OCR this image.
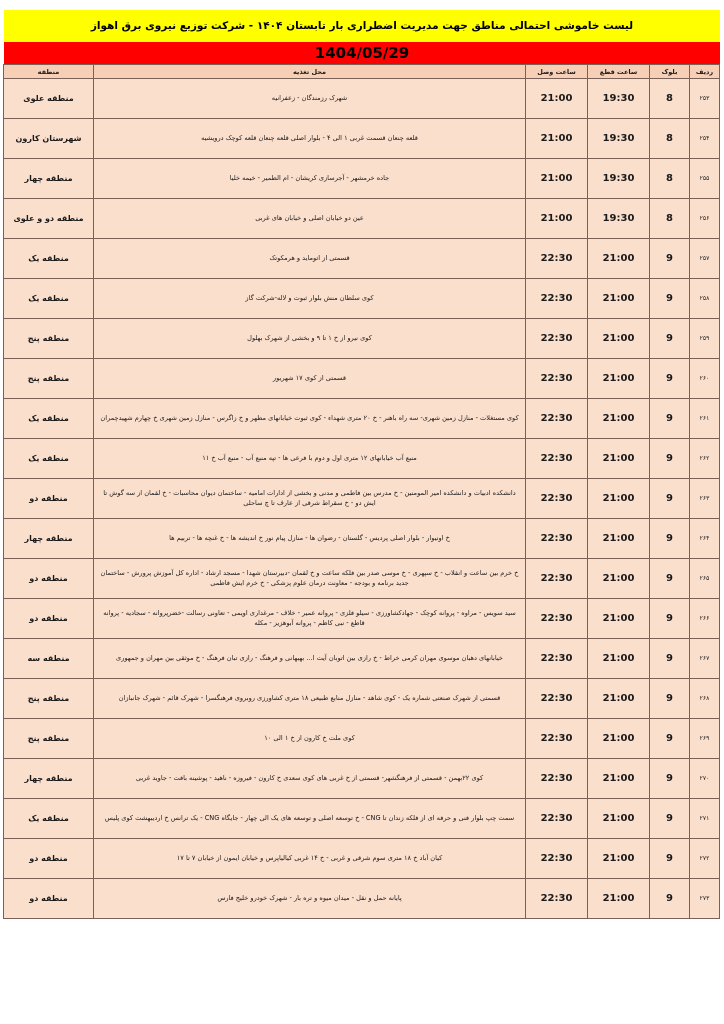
لیست خاموشی احتمالی مناطق جهت مدیریت اضطراری بار تابستان ۱۴۰۴ - شرکت توزیع نیروی برق اهواز
1404/05/29
ردیف	بلوک	ساعت قطع	ساعت وصل	محل تغذیه	منطقه
۲۵۳	8	19:30	21:00	شهرک رزمندگان - زعفرانیه	منطقه علوی
۲۵۴	8	19:30	21:00	قلعه چنعان قسمت غربی ۱ الی ۴ - بلوار اصلی قلعه چنعان قلعه کوچک درویشیه	شهرستان کارون
۲۵۵	8	19:30	21:00	جاده خرمشهر - آجرسازی کریشان - ام الطمیر - خیمه خلیا	منطقه چهار
۲۵۶	8	19:30	21:00	عین دو خیابان اصلی و خیابان های غربی	منطقه دو و علوی
۲۵۷	9	21:00	22:30	قسمتی از اتوماید و هرمکوتک	منطقه یک
۲۵۸	9	21:00	22:30	کوی سلطان منش بلوار ثبوت و لاله-شرکت گاز	منطقه یک
۲۵۹	9	21:00	22:30	کوی نیرو از خ ۱ تا ۹ و بخشی از شهرک بهلول	منطقه پنج
۲۶۰	9	21:00	22:30	قسمتی از کوی ۱۷ شهریور	منطقه پنج
۲۶۱	9	21:00	22:30	کوی مستغلات - منازل زمین شهری- سه راه باهنر - خ ۲۰ متری شهداء - کوی ثبوت خیابانهای مطهر و خ زاگرس - منازل زمین شهری خ چهارم شهیدچمران	منطقه یک
۲۶۲	9	21:00	22:30	منبع آب خیابانهای ۱۲ متری اول و دوم با فرعی ها - تپه منبع آب - منبع آب خ ۱۱	منطقه یک
۲۶۳	9	21:00	22:30	دانشکده ادبیات و دانشکده امیر المومنین - خ مدرس بین فاطمی و مدنی و بخشی از ادارات امامیه - ساختمان دیوان محاسبات - خ لقمان از سه گوش تا ایش دو - خ سقراط شرقی از عارف تا چ ساحلی	منطقه دو
۲۶۴	9	21:00	22:30	خ اونیوار - بلوار اصلی پردیس - گلستان - رضوان ها - منازل پیام نور خ اندیشه ها - خ غنچه ها - تربیم ها	منطقه چهار
۲۶۵	9	21:00	22:30	خ خرم بین ساعت و انقلاب - خ سپهری - خ موسی صدر بین فلکه ساعت و خ لقمان -دبیرستان شهدا - مسجد ارشاد - اداره کل آموزش پرورش - ساختمان جدید برنامه و بودجه - معاونت درمان علوم پزشکی - خ خرم ایش فاطمی	منطقه دو
۲۶۶	9	21:00	22:30	سید سویس - مراوه - پروانه کوچک - جهادکشاورزی - سیلو فلزی - پروانه عمیر - خلاف - مرغداری اویمی - تعاونی رسالت -خضرپروانه - سجادیه - پروانه قاطع - نبی کاظم - پروانه آبوهزیز - مکله	منطقه دو
۲۶۷	9	21:00	22:30	خیابانهای دهبان موسوی مهران کرمی خراط - خ رازی بین اتوبان آیت ا... بهبهانی و فرهنگ - رازی تبان فرهنگ - خ موثقی بین مهران و جمهوری	منطقه سه
۲۶۸	9	21:00	22:30	قسمتی از شهرک صنعتی شماره یک - کوی شاهد - منازل منابع طبیعی ۱۸ متری کشاورزی روبروی فرهنگسرا - شهرک قائم - شهرک جانبازان	منطقه پنج
۲۶۹	9	21:00	22:30	کوی ملت خ کارون از خ ۱ الی ۱۰	منطقه پنج
۲۷۰	9	21:00	22:30	کوی ۲۲بهمن - قسمتی از فرهنگشهر- قسمتی از خ غربی های کوی سعدی خ کارون - فیروزه - ناهید - پوشینه بافت - جاوید غربی	منطقه چهار
۲۷۱	9	21:00	22:30	سمت چپ بلوار فنی و حرفه ای از فلکه زندان تا CNG - خ توسعه اصلی و توسعه های یک الی چهار - جایگاه CNG - یک ترانس خ اردیبهشت کوی پلیس	منطقه یک
۲۷۲	9	21:00	22:30	کیان آباد خ ۱۸ متری سوم شرقی و غربی - خ ۱۴ غربی کیالیاپرس و خیابان ایمون از خیابان ۷ تا ۱۷	منطقه دو
۲۷۳	9	21:00	22:30	پایانه حمل و نقل - میدان میوه و تره بار - شهرک خودرو خلیج فارس	منطقه دو
